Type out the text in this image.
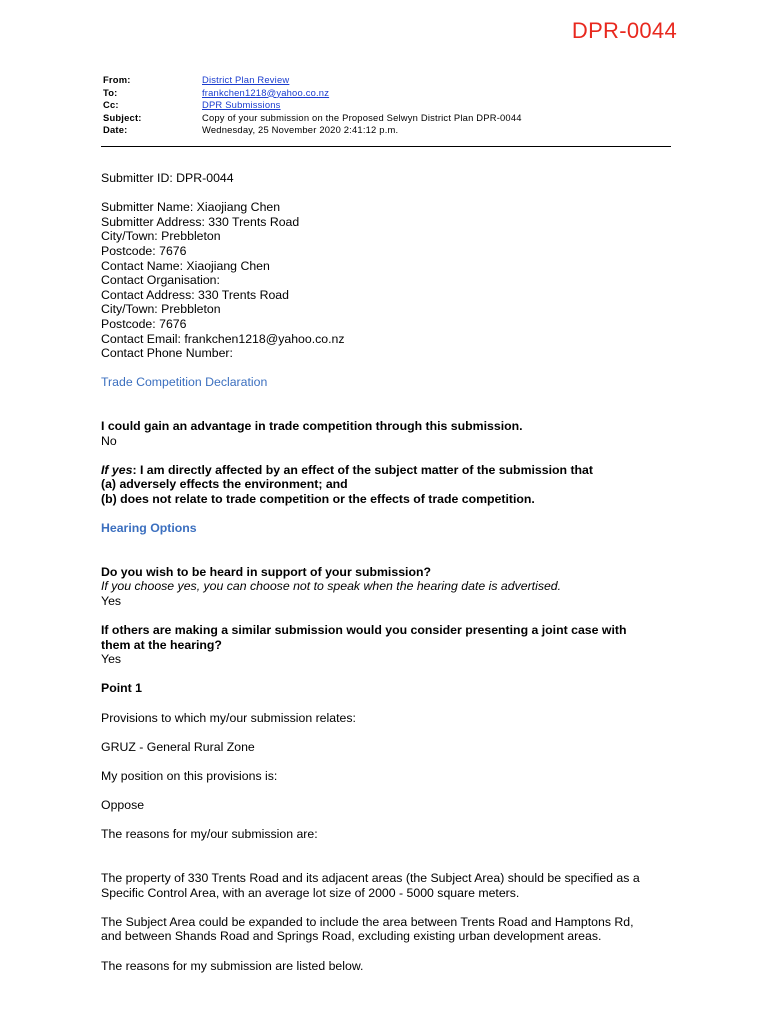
DPR-0044
From:	District Plan Review
To:	frankchen1218@yahoo.co.nz
Cc:	DPR Submissions
Subject:	Copy of your submission on the Proposed Selwyn District Plan DPR-0044
Date:	Wednesday, 25 November 2020 2:41:12 p.m.

Submitter ID: DPR-0044

Submitter Name: Xiaojiang Chen

Submitter Address: 330 Trents Road

City/Town: Prebbleton

Postcode: 7676

Contact Name: Xiaojiang Chen

Contact Organisation:

Contact Address: 330 Trents Road

City/Town: Prebbleton

Postcode: 7676

Contact Email: frankchen1218@yahoo.co.nz

Contact Phone Number:

Trade Competition Declaration

I could gain an advantage in trade competition through this submission.

No

If yes: I am directly affected by an effect of the subject matter of the submission that

(a) adversely effects the environment; and

(b) does not relate to trade competition or the effects of trade competition.

Hearing Options

Do you wish to be heard in support of your submission?

If you choose yes, you can choose not to speak when the hearing date is advertised.

Yes

If others are making a similar submission would you consider presenting a joint case with

them at the hearing?

Yes

Point 1

Provisions to which my/our submission relates:

GRUZ - General Rural Zone

My position on this provisions is:

Oppose

The reasons for my/our submission are:

The property of 330 Trents Road and its adjacent areas (the Subject Area) should be specified as a

Specific Control Area, with an average lot size of 2000 - 5000 square meters.

The Subject Area could be expanded to include the area between Trents Road and Hamptons Rd,

and between Shands Road and Springs Road, excluding existing urban development areas.

The reasons for my submission are listed below.
